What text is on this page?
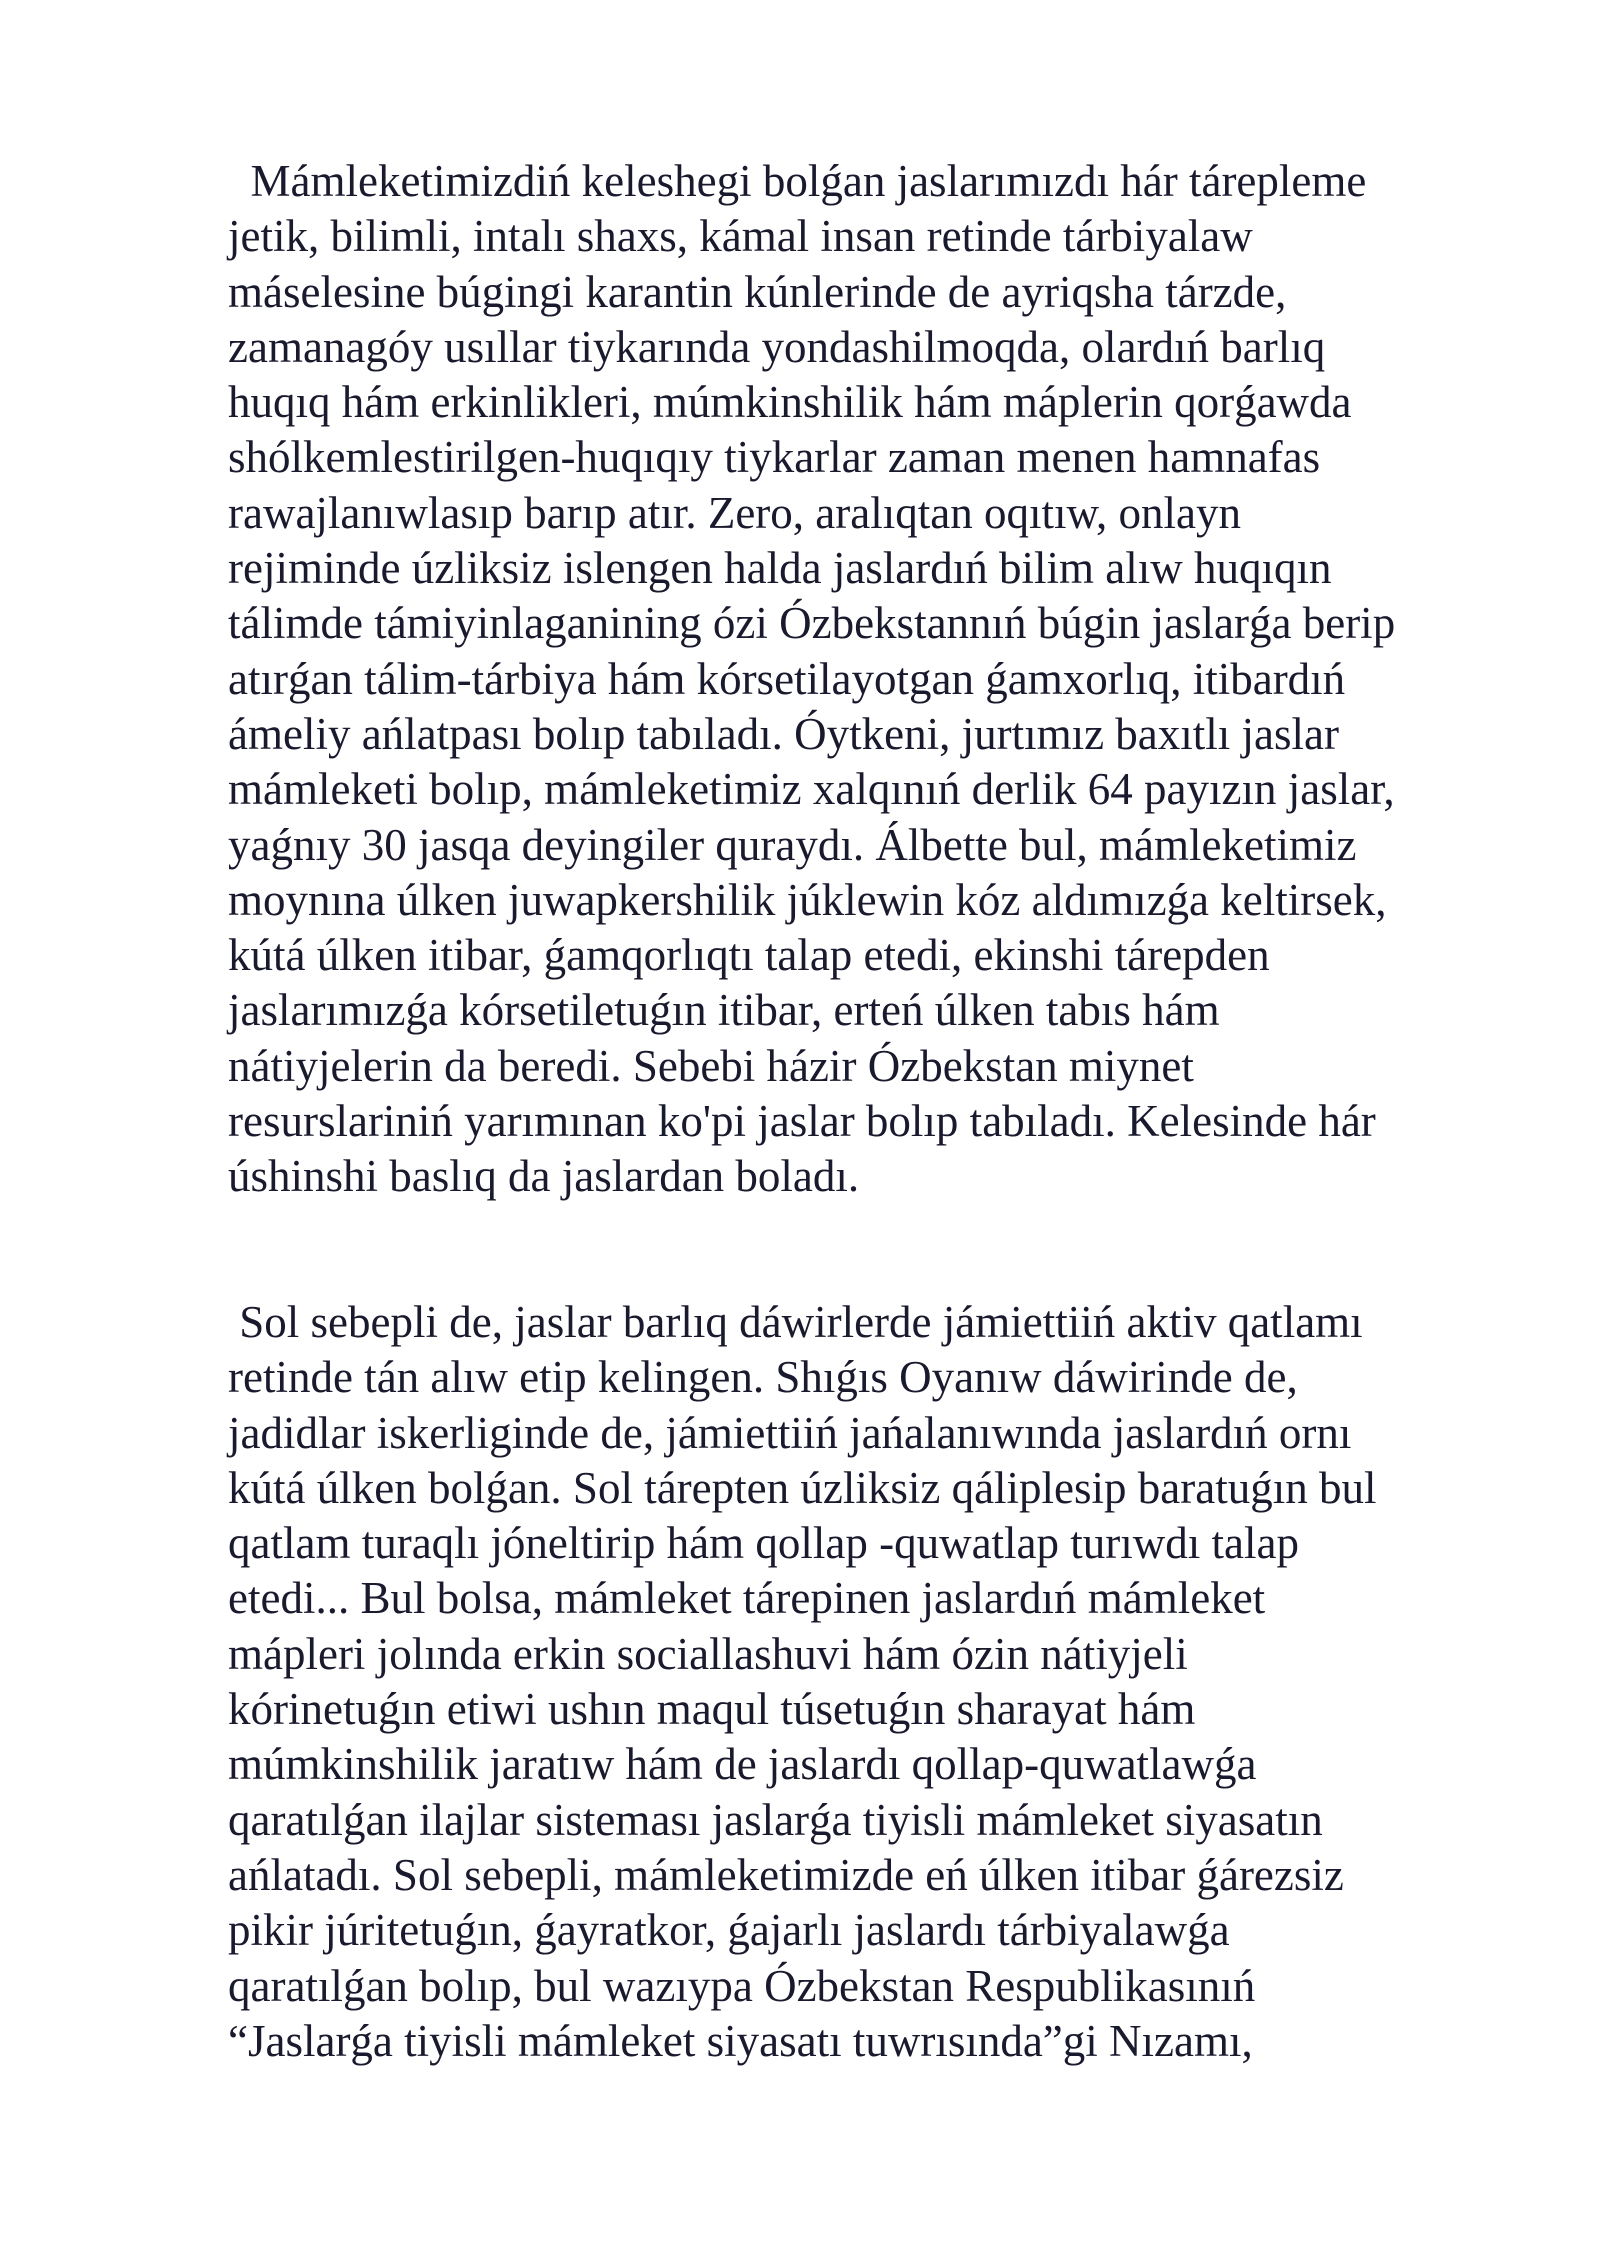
Mámleketimizdiń keleshegi bolǵan jaslarımızdı hár tárepleme
jetik, bilimli, intalı shaxs, kámal insan retinde tárbiyalaw
máselesine búgingi karantin kúnlerinde de ayriqsha tárzde,
zamanagóy usıllar tiykarında yondashilmoqda, olardıń barlıq
huqıq hám erkinlikleri, múmkinshilik hám máplerin qorǵawda
shólkemlestirilgen-huqıqıy tiykarlar zaman menen hamnafas
rawajlanıwlasıp barıp atır. Zero, aralıqtan oqıtıw, onlayn
rejiminde úzliksiz islengen halda jaslardıń bilim alıw huqıqın
tálimde támiyinlaganining ózi Ózbekstannıń búgin jaslarǵa berip
atırǵan tálim-tárbiya hám kórsetilayotgan ǵamxorlıq, itibardıń
ámeliy ańlatpası bolıp tabıladı. Óytkeni, jurtımız baxıtlı jaslar
mámleketi bolıp, mámleketimiz xalqınıń derlik 64 payızın jaslar,
yaǵnıy 30 jasqa deyingiler quraydı. Álbette bul, mámleketimiz
moynına úlken juwapkershilik júklewin kóz aldımızǵa keltirsek,
kútá úlken itibar, ǵamqorlıqtı talap etedi, ekinshi tárepden
jaslarımızǵa kórsetiletuǵın itibar, erteń úlken tabıs hám
nátiyjelerin da beredi. Sebebi házir Ózbekstan miynet
resurslariniń yarımınan ko'pi jaslar bolıp tabıladı. Kelesinde hár
úshinshi baslıq da jaslardan boladı.

Sol sebepli de, jaslar barlıq dáwirlerde jámiettiiń aktiv qatlamı
retinde tán alıw etip kelingen. Shıǵıs Oyanıw dáwirinde de,
jadidlar iskerliginde de, jámiettiiń jańalanıwında jaslardıń ornı
kútá úlken bolǵan. Sol tárepten úzliksiz qáliplesip baratuǵın bul
qatlam turaqlı jóneltirip hám qollap -quwatlap turıwdı talap
etedi... Bul bolsa, mámleket tárepinen jaslardıń mámleket
mápleri jolında erkin sociallashuvi hám ózin nátiyjeli
kórinetuǵın etiwi ushın maqul túsetuǵın sharayat hám
múmkinshilik jaratıw hám de jaslardı qollap-quwatlawǵa
qaratılǵan ilajlar sisteması jaslarǵa tiyisli mámleket siyasatın
ańlatadı. Sol sebepli, mámleketimizde eń úlken itibar ǵárezsiz
pikir júritetuǵın, ǵayratkor, ǵajarlı jaslardı tárbiyalawǵa
qaratılǵan bolıp, bul wazıypa Ózbekstan Respublikasınıń
“Jaslarǵa tiyisli mámleket siyasatı tuwrısında”gi Nızamı,
